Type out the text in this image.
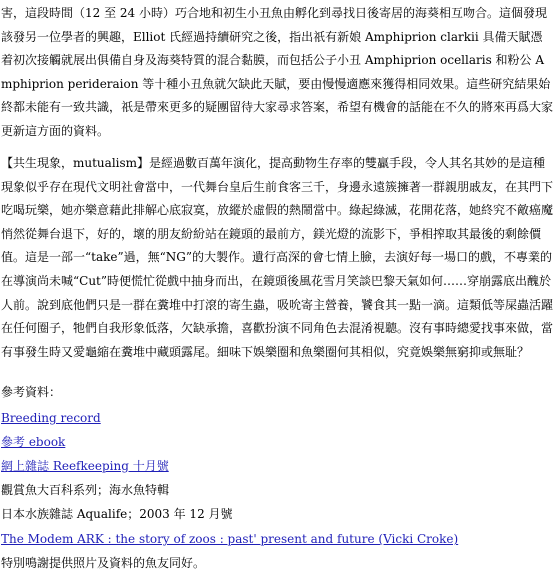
害，這段時間（12 至 24 小時）巧合地和初生小丑魚由孵化到尋找日後寄居的海葵相互吻合。這個發現該發另一位學者的興趣，Elliot 氏經過持續研究之後，指出祇有新娘 Amphiprion clarkii 具備天賦憑着初次接觸就展出俱備自身及海葵特質的混合黏膜，而包括公子小丑 Amphiprion ocellaris 和粉公 Amphiprion perideraion 等十種小丑魚就欠缺此天賦，要由慢慢適應來獲得相同效果。這些研究結果始終都未能有一致共識，祇是帶來更多的疑團留待大家尋求答案，希望有機會的話能在不久的將來再爲大家更新這方面的資料。

【共生現象，mutualism】是經過數百萬年演化，提高動物生存率的雙贏手段，令人其名其妙的是這種現象似乎存在現代文明社會當中，一代舞台皇后生前食客三千，身邊永遠簇擁著一群親朋戚友，在其門下吃喝玩樂，她亦樂意藉此排解心底寂寞，放縱於虛假的熱鬧當中。綠起綠滅，花開花落，她終究不敵癌魔悄然從舞台退下，好的，壞的朋友紛紛站在鏡頭的最前方，鎂光燈的流影下，爭相搾取其最後的剩餘價值。這是一部一“take”過，無“NG”的大製作。遺行高深的會七情上臉，去演好每一場口的戲，不專業的在導演尚未喊“Cut”時便慌忙從戲中抽身而出，在鏡頭後風花雪月笑談巴黎天氣如何……穿崩露底出醜於人前。說到底他們只是一群在糞堆中打滾的寄生蟲，吸吮寄主營養，饕食其一點一滴。這類低等屎蟲活躍在任何圈子，牠們自我形象低落，欠缺承擔，喜歡扮演不同角色去混淆視聽。沒有事時總愛找事來做，當有事發生時又愛龜縮在糞堆中藏頭露尾。細味下娛樂圈和魚樂圈何其相似，究竟娛樂無窮抑或無耻？

參考資料：
Breeding record
參考 ebook
網上雜誌 Reefkeeping 十月號
觀賞魚大百科系列；海水魚特輯
日本水族雜誌 Aqualife；2003 年 12 月號
The Modem ARK : the story of zoos : past' present and future (Vicki Croke)
特別鳴謝提供照片及資料的魚友同好。
